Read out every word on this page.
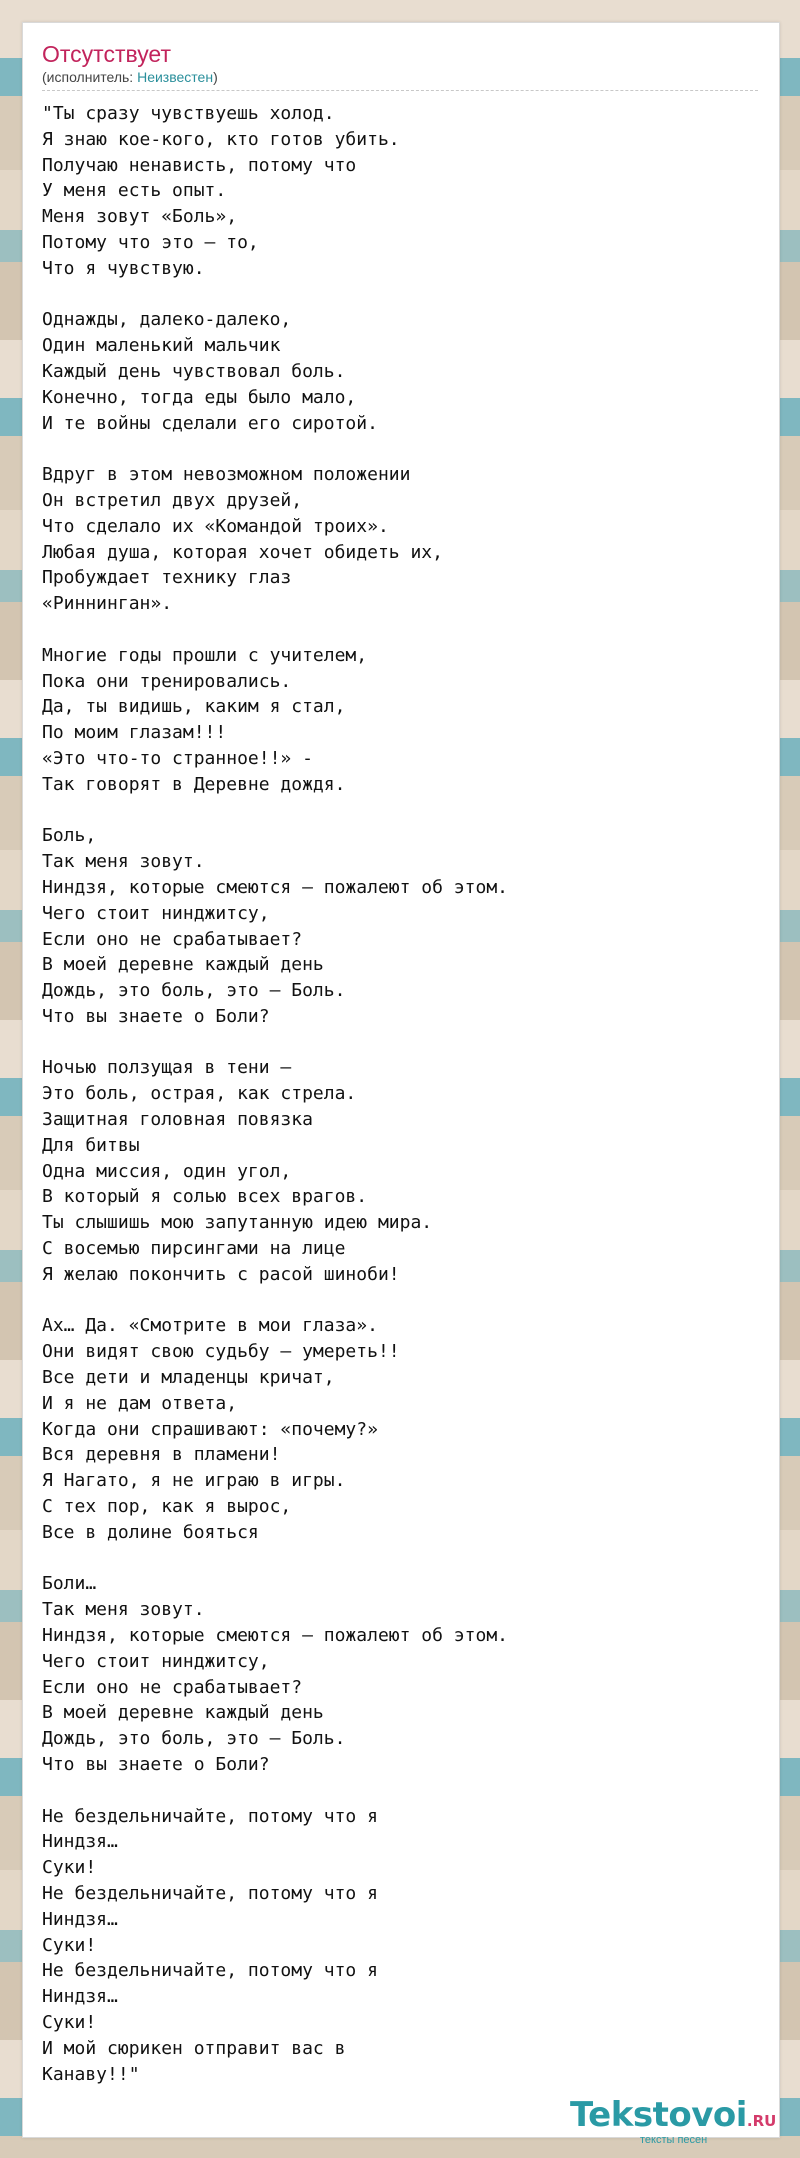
Отсутствует
(исполнитель: Неизвестен)
"Ты сразу чувствуешь холод.
Я знаю кое-кого, кто готов убить.
Получаю ненависть, потому что
У меня есть опыт.
Меня зовут «Боль»,
Потому что это – то,
Что я чувствую.

Однажды, далеко-далеко,
Один маленький мальчик
Каждый день чувствовал боль.
Конечно, тогда еды было мало,
И те войны сделали его сиротой.

Вдруг в этом невозможном положении
Он встретил двух друзей,
Что сделало их «Командой троих».
Любая душа, которая хочет обидеть их,
Пробуждает технику глаз
«Риннинган».

Многие годы прошли с учителем,
Пока они тренировались.
Да, ты видишь, каким я стал,
По моим глазам!!!
«Это что-то странное!!» -
Так говорят в Деревне дождя.

Боль,
Так меня зовут.
Ниндзя, которые смеются – пожалеют об этом.
Чего стоит нинджитсу,
Если оно не срабатывает?
В моей деревне каждый день
Дождь, это боль, это – Боль.
Что вы знаете о Боли?

Ночью ползущая в тени –
Это боль, острая, как стрела.
Защитная головная повязка
Для битвы
Одна миссия, один угол,
В который я солью всех врагов.
Ты слышишь мою запутанную идею мира.
С восемью пирсингами на лице
Я желаю покончить с расой шиноби!

Ах… Да. «Смотрите в мои глаза».
Они видят свою судьбу – умереть!!
Все дети и младенцы кричат,
И я не дам ответа,
Когда они спрашивают: «почему?»
Вся деревня в пламени!
Я Нагато, я не играю в игры.
С тех пор, как я вырос,
Все в долине бояться

Боли…
Так меня зовут.
Ниндзя, которые смеются – пожалеют об этом.
Чего стоит нинджитсу,
Если оно не срабатывает?
В моей деревне каждый день
Дождь, это боль, это – Боль.
Что вы знаете о Боли?

Не бездельничайте, потому что я
Ниндзя…
Суки!
Не бездельничайте, потому что я
Ниндзя…
Суки!
Не бездельничайте, потому что я
Ниндзя…
Суки!
И мой сюрикен отправит вас в
Канаву!!"
Tekstovoi.RU
тексты песен
